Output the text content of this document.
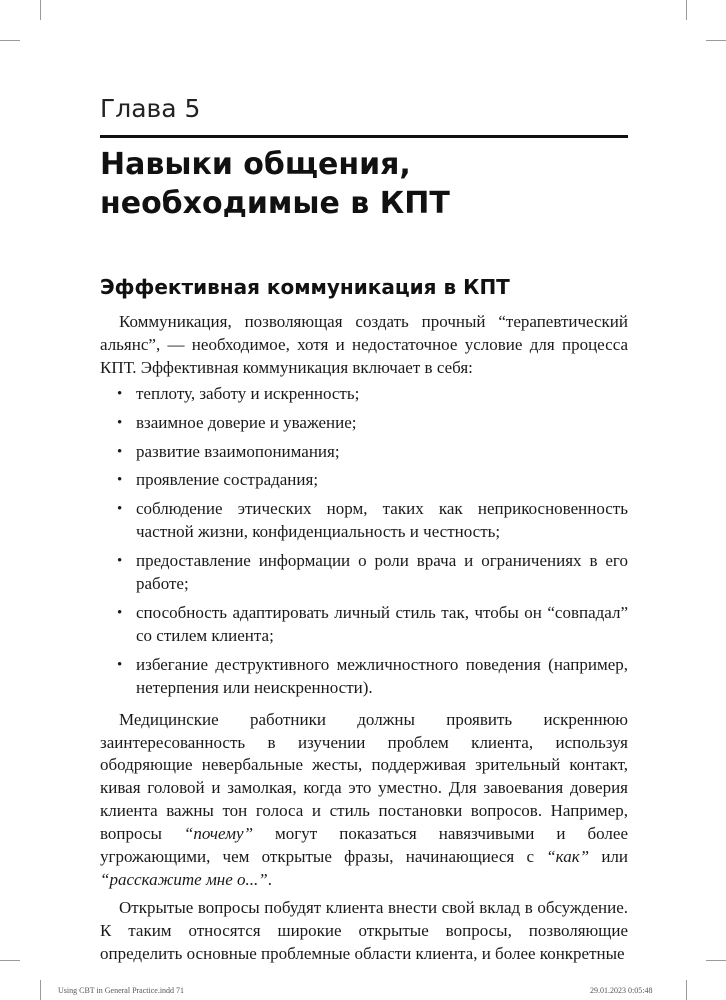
Глава 5
Навыки общения,
необходимые в КПТ
Эффективная коммуникация в КПТ

Коммуникация, позволяющая создать прочный “терапевтический альянс”, — необходимое, хотя и недостаточное условие для процесса КПТ. Эффективная коммуникация включает в себя:

• теплоту, заботу и искренность;
• взаимное доверие и уважение;
• развитие взаимопонимания;
• проявление сострадания;
• соблюдение этических норм, таких как неприкосновенность частной жизни, конфиденциальность и честность;
• предоставление информации о роли врача и ограничениях в его работе;
• способность адаптировать личный стиль так, чтобы он “совпадал” со стилем клиента;
• избегание деструктивного межличностного поведения (например, нетерпения или неискренности).

Медицинские работники должны проявить искреннюю заинтересованность в изучении проблем клиента, используя ободряющие невербальные жесты, поддерживая зрительный контакт, кивая головой и замолкая, когда это уместно. Для завоевания доверия клиента важны тон голоса и стиль постановки вопросов. Например, вопросы “почему” могут показаться навязчивыми и более угрожающими, чем открытые фразы, начинающиеся с “как” или “расскажите мне о...”.

Открытые вопросы побудят клиента внести свой вклад в обсуждение. К таким относятся широкие открытые вопросы, позволяющие определить основные проблемные области клиента, и более конкретные

Using CBT in General Practice.indd 71	29.01.2023 0:05:48
